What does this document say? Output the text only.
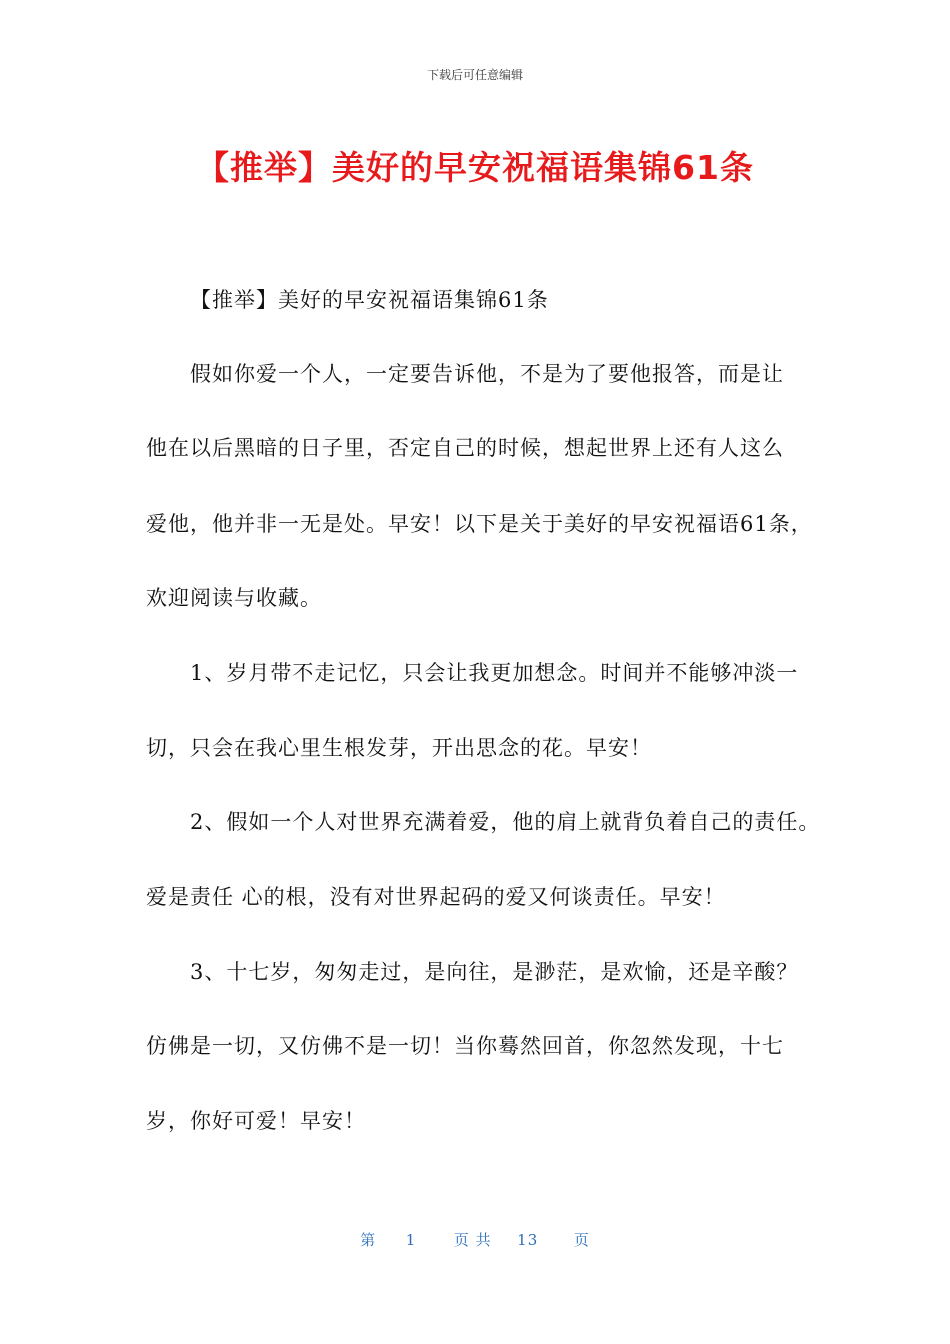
下载后可任意编辑
【推举】美好的早安祝福语集锦61条
【推举】美好的早安祝福语集锦61条
假如你爱一个人，一定要告诉他，不是为了要他报答，而是让
他在以后黑暗的日子里，否定自己的时候，想起世界上还有人这么
爱他，他并非一无是处。早安！以下是关于美好的早安祝福语61条，
欢迎阅读与收藏。
1、岁月带不走记忆，只会让我更加想念。时间并不能够冲淡一
切，只会在我心里生根发芽，开出思念的花。早安！
2、假如一个人对世界充满着爱，他的肩上就背负着自己的责任。
爱是责任 心的根，没有对世界起码的爱又何谈责任。早安！
3、十七岁，匆匆走过，是向往，是渺茫，是欢愉，还是辛酸？
仿佛是一切，又仿佛不是一切！当你蓦然回首，你忽然发现，十七
岁，你好可爱！早安！
第 1	页 共 13 页
